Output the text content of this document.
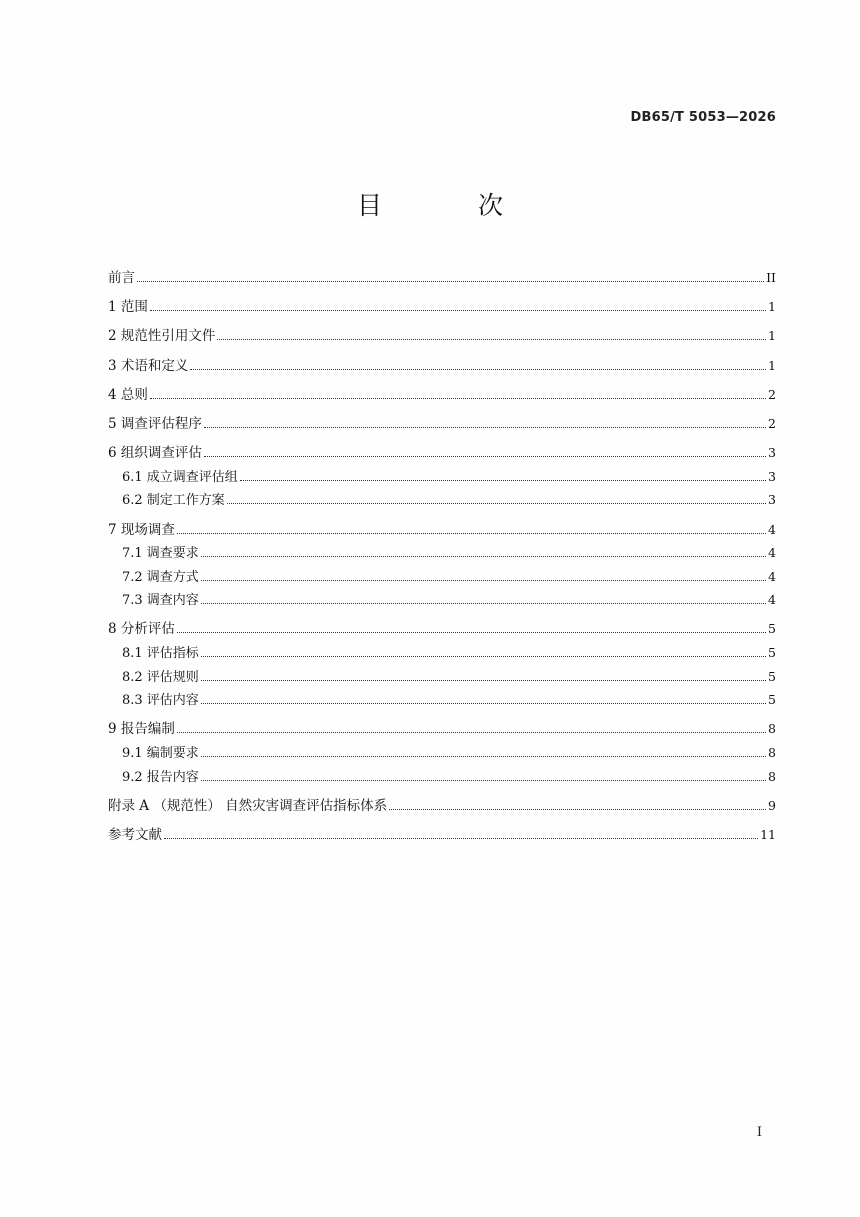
DB65/T 5053—2026
目 次
前言	II
1 范围	1
2 规范性引用文件	1
3 术语和定义	1
4 总则	2
5 调查评估程序	2
6 组织调查评估	3
6.1 成立调查评估组	3
6.2 制定工作方案	3
7 现场调查	4
7.1 调查要求	4
7.2 调查方式	4
7.3 调查内容	4
8 分析评估	5
8.1 评估指标	5
8.2 评估规则	5
8.3 评估内容	5
9 报告编制	8
9.1 编制要求	8
9.2 报告内容	8
附录 A （规范性） 自然灾害调查评估指标体系	9
参考文献	11
I
